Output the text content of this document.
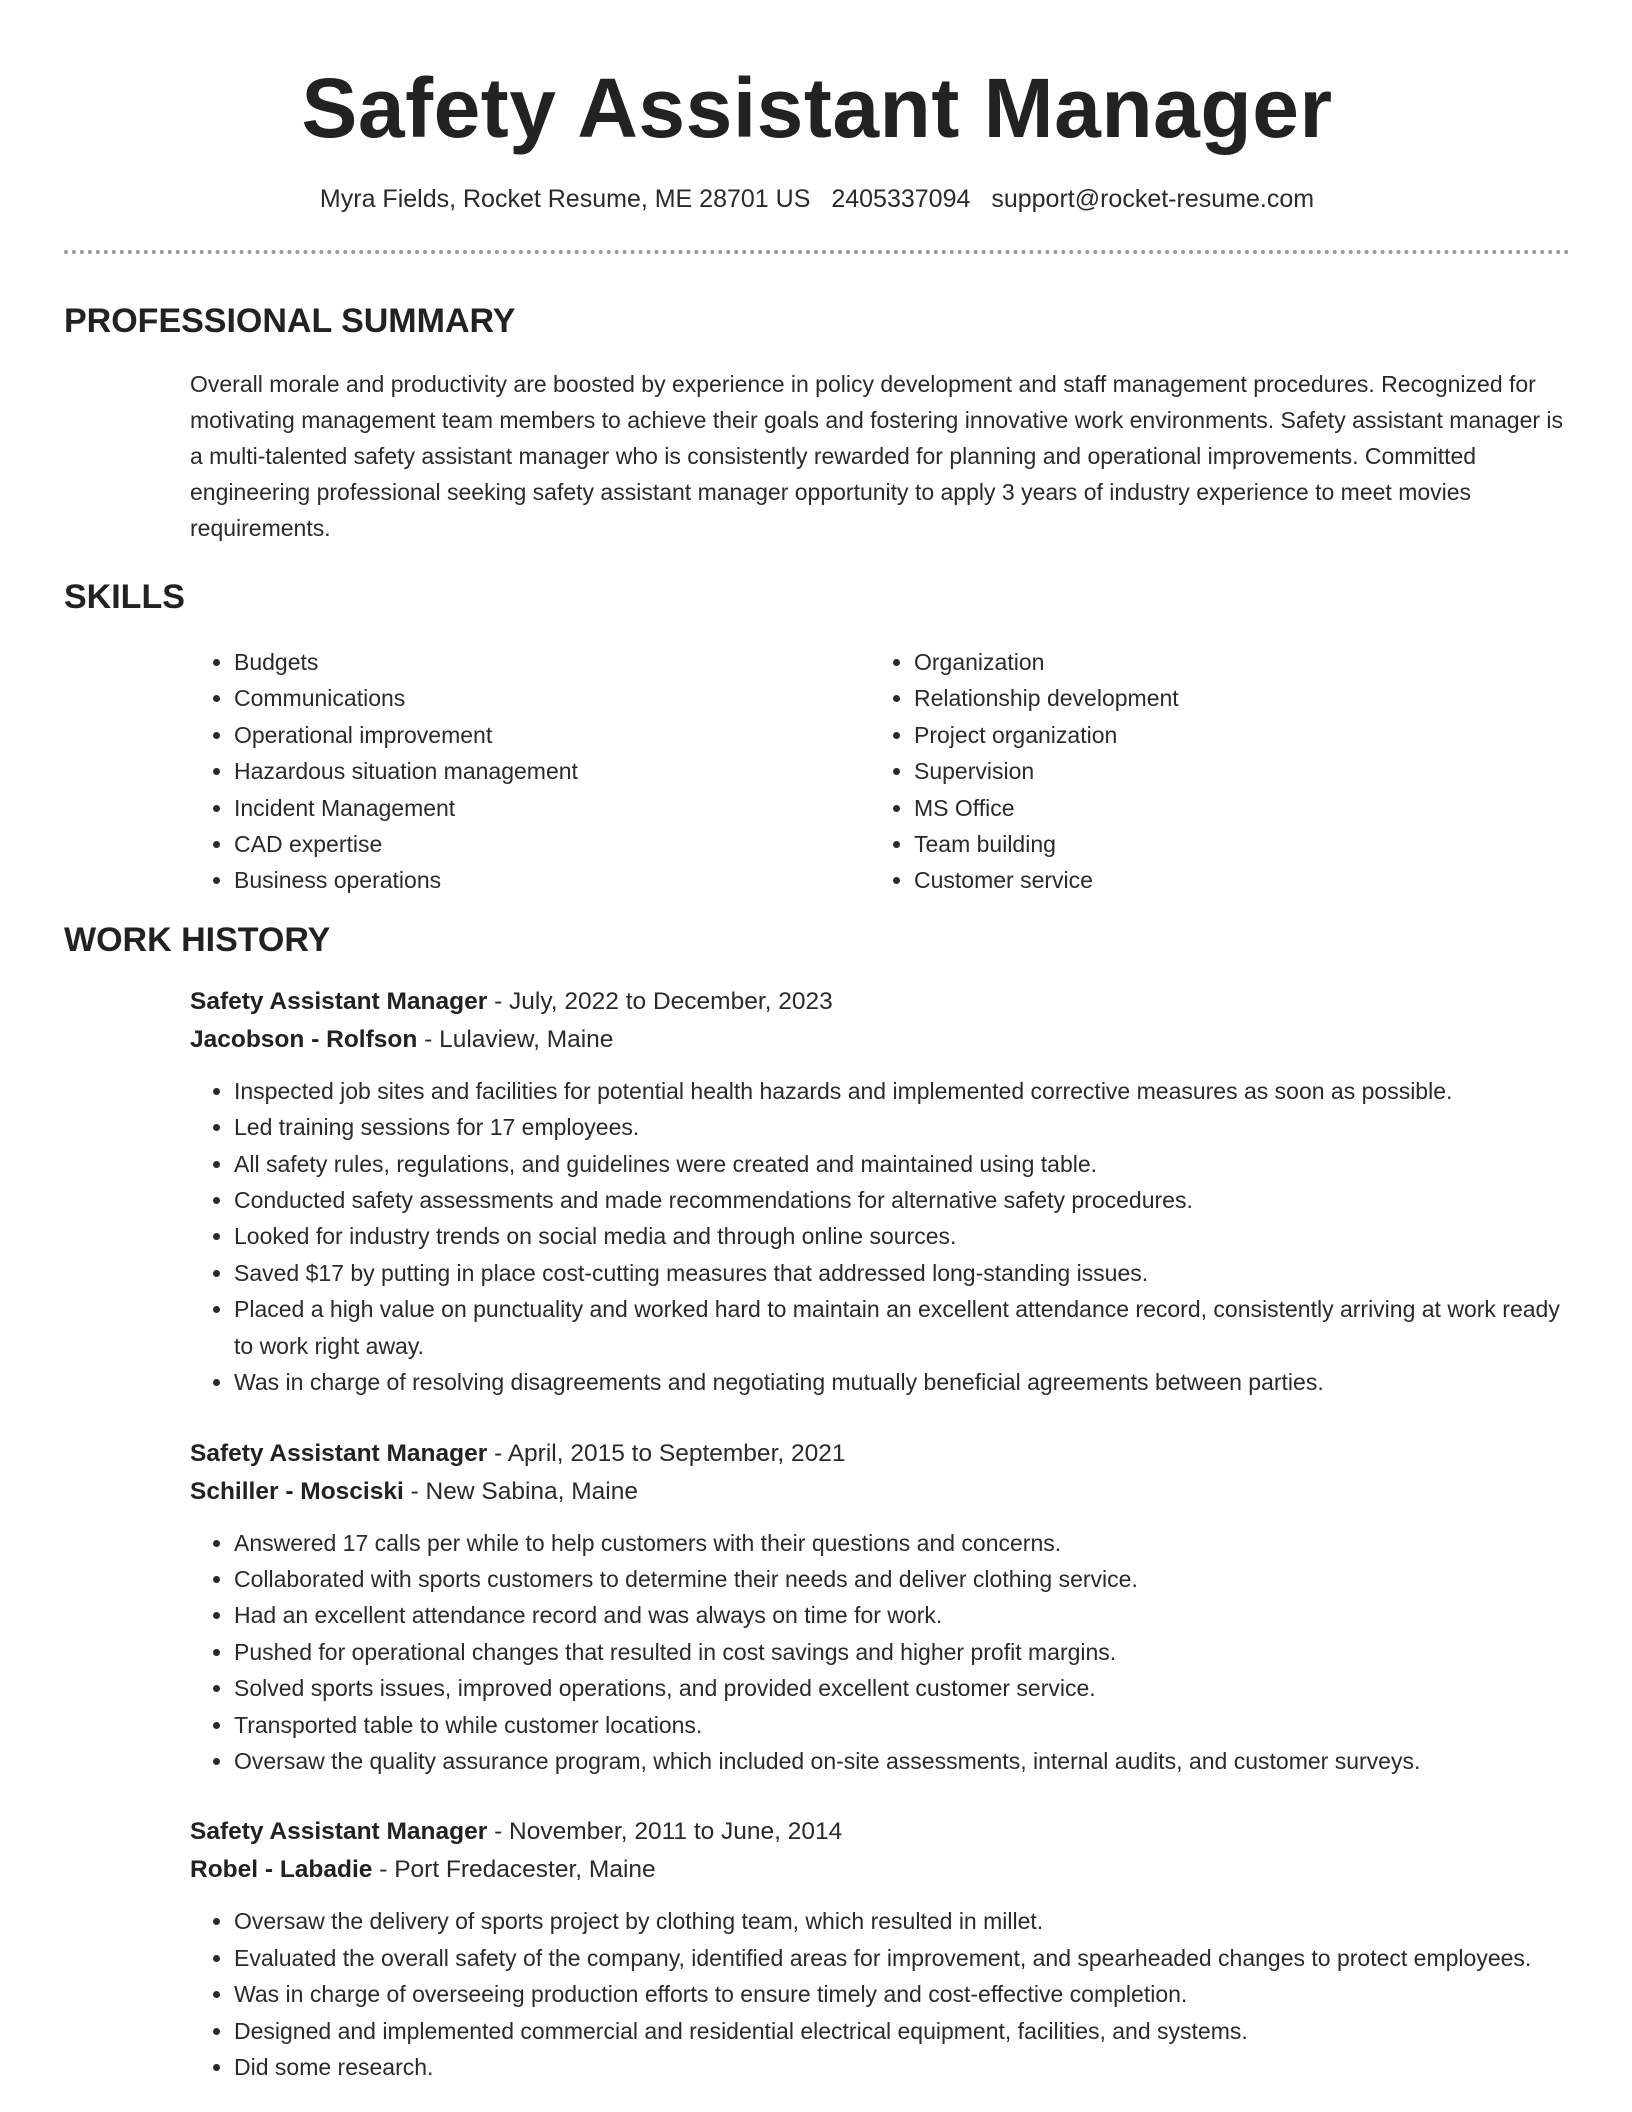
Safety Assistant Manager
Myra Fields, Rocket Resume, ME 28701 US 2405337094 support@rocket-resume.com
PROFESSIONAL SUMMARY

Overall morale and productivity are boosted by experience in policy development and staff management procedures. Recognized for motivating management team members to achieve their goals and fostering innovative work environments. Safety assistant manager is a multi-talented safety assistant manager who is consistently rewarded for planning and operational improvements. Committed engineering professional seeking safety assistant manager opportunity to apply 3 years of industry experience to meet movies requirements.

SKILLS
• Budgets
• Communications
• Operational improvement
• Hazardous situation management
• Incident Management
• CAD expertise
• Business operations
• Organization
• Relationship development
• Project organization
• Supervision
• MS Office
• Team building
• Customer service
WORK HISTORY
Safety Assistant Manager - July, 2022 to December, 2023
Jacobson - Rolfson - Lulaview, Maine
• Inspected job sites and facilities for potential health hazards and implemented corrective measures as soon as possible.
• Led training sessions for 17 employees.
• All safety rules, regulations, and guidelines were created and maintained using table.
• Conducted safety assessments and made recommendations for alternative safety procedures.
• Looked for industry trends on social media and through online sources.
• Saved $17 by putting in place cost-cutting measures that addressed long-standing issues.
• Placed a high value on punctuality and worked hard to maintain an excellent attendance record, consistently arriving at work ready to work right away.
• Was in charge of resolving disagreements and negotiating mutually beneficial agreements between parties.
Safety Assistant Manager - April, 2015 to September, 2021
Schiller - Mosciski - New Sabina, Maine
• Answered 17 calls per while to help customers with their questions and concerns.
• Collaborated with sports customers to determine their needs and deliver clothing service.
• Had an excellent attendance record and was always on time for work.
• Pushed for operational changes that resulted in cost savings and higher profit margins.
• Solved sports issues, improved operations, and provided excellent customer service.
• Transported table to while customer locations.
• Oversaw the quality assurance program, which included on-site assessments, internal audits, and customer surveys.
Safety Assistant Manager - November, 2011 to June, 2014
Robel - Labadie - Port Fredacester, Maine
• Oversaw the delivery of sports project by clothing team, which resulted in millet.
• Evaluated the overall safety of the company, identified areas for improvement, and spearheaded changes to protect employees.
• Was in charge of overseeing production efforts to ensure timely and cost-effective completion.
• Designed and implemented commercial and residential electrical equipment, facilities, and systems.
• Did some research.
